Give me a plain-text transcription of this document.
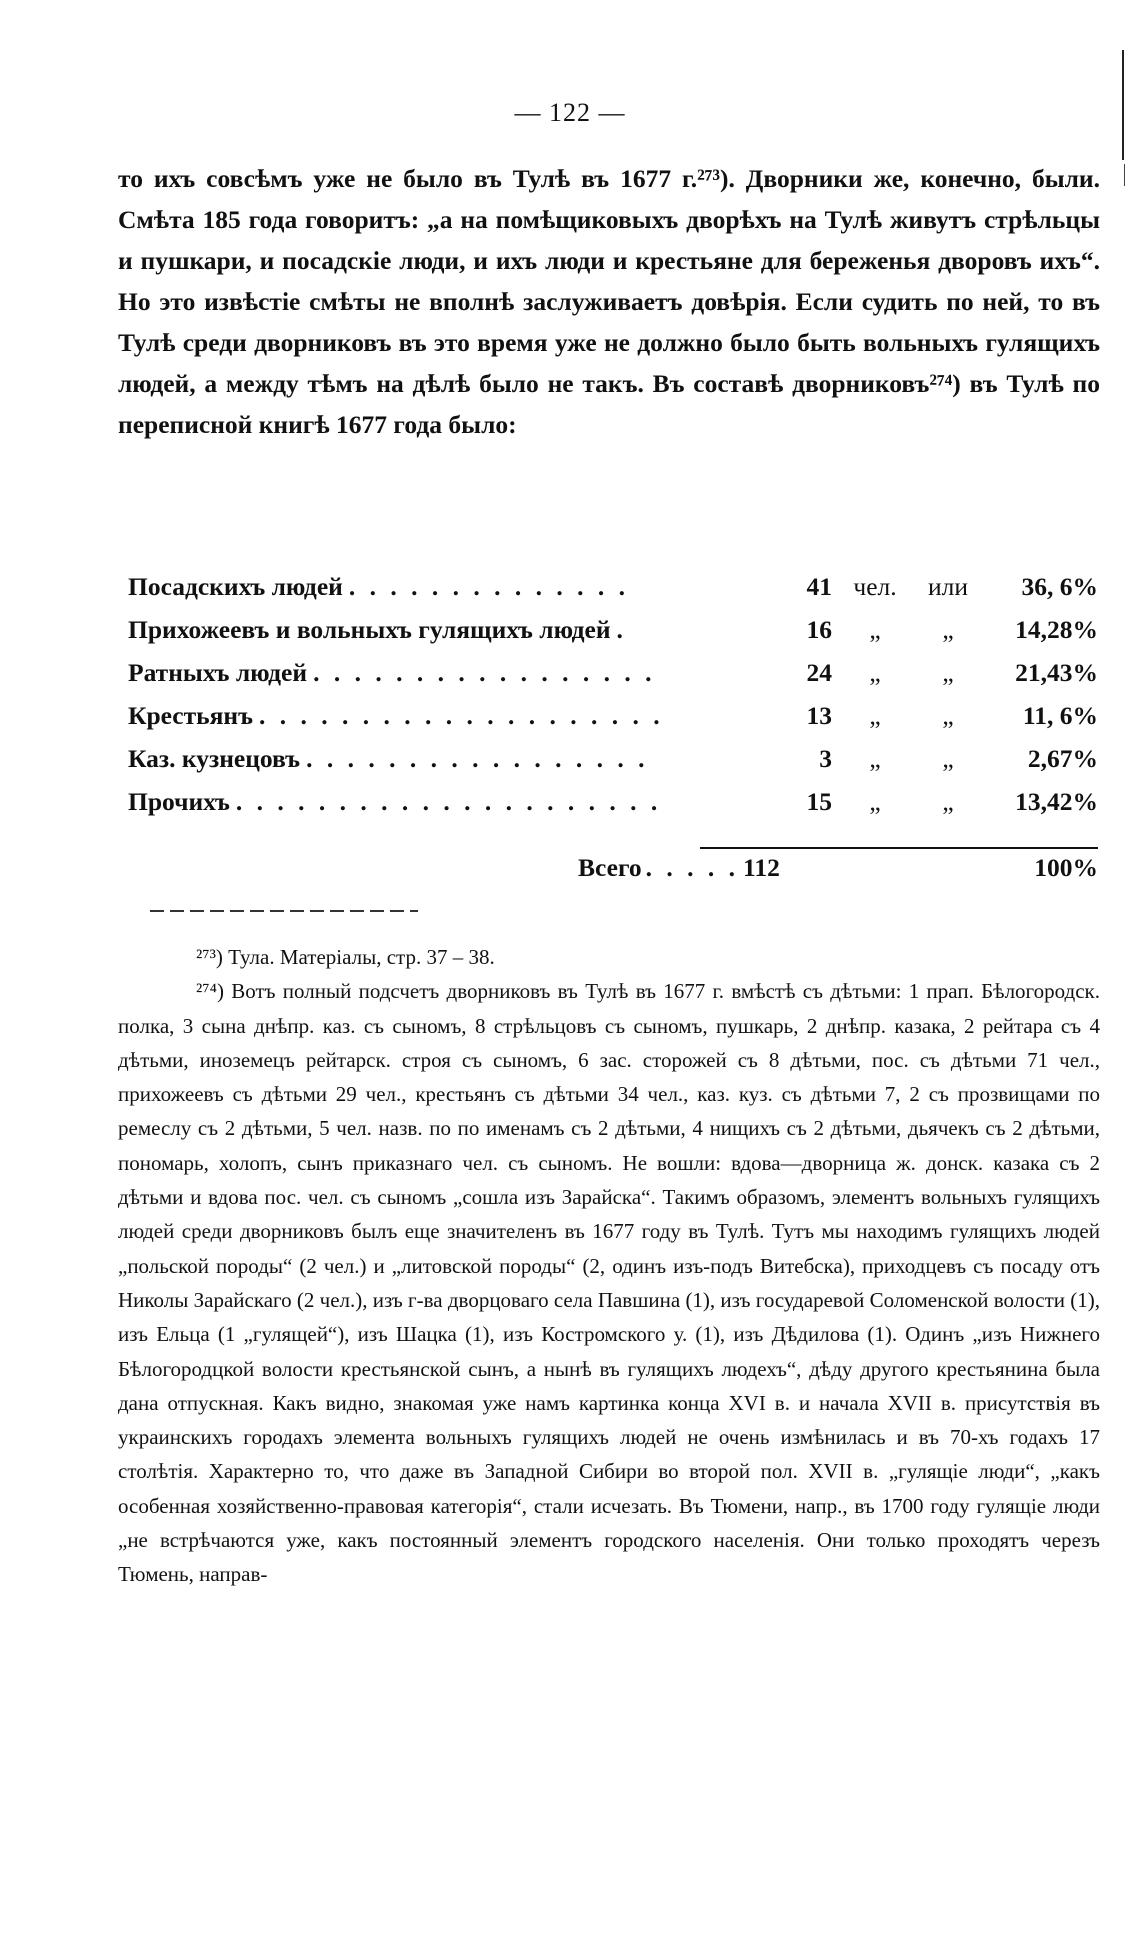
— 122 —

то ихъ совсѣмъ уже не было въ Тулѣ въ 1677 г.²⁷³). Дворники же, конечно, были. Смѣта 185 года говоритъ: „а на помѣщиковыхъ дворѣхъ на Тулѣ живутъ стрѣльцы и пушкари, и посадскіе люди, и ихъ люди и крестьяне для береженья дворовъ ихъ“. Но это извѣстіе смѣты не вполнѣ заслуживаетъ довѣрія. Если судить по ней, то въ Тулѣ среди дворниковъ въ это время уже не должно было быть вольныхъ гулящихъ людей, а между тѣмъ на дѣлѣ было не такъ. Въ составѣ дворниковъ²⁷⁴) въ Тулѣ по переписной книгѣ 1677 года было:

Посадскихъ людей . . . . . . . . . . . . . .	41 чел.	или	36, 6%
Прихожеевъ и вольныхъ гулящихъ людей .	16	„	„	14,28%
Ратныхъ людей . . . . . . . . . . . . . . . . .	24	„	„	21,43%
Крестьянъ . . . . . . . . . . . . . . . . . . . .	13	„	„	11, 6%
Каз. кузнецовъ . . . . . . . . . . . . . . . . .	3	„	„	2,67%
Прочихъ . . . . . . . . . . . . . . . . . . . . .	15	„	„	13,42%
Всего . . . . . 112	100%

²⁷³) Тула. Матеріалы, стр. 37 – 38.

²⁷⁴) Вотъ полный подсчетъ дворниковъ въ Тулѣ въ 1677 г. вмѣстѣ съ дѣтьми: 1 прап. Бѣлогородск. полка, 3 сына днѣпр. каз. съ сыномъ, 8 стрѣльцовъ съ сыномъ, пушкарь, 2 днѣпр. казака, 2 рейтара съ 4 дѣтьми, иноземецъ рейтарск. строя съ сыномъ, 6 зас. сторожей съ 8 дѣтьми, пос. съ дѣтьми 71 чел., прихожеевъ съ дѣтьми 29 чел., крестьянъ съ дѣтьми 34 чел., каз. куз. съ дѣтьми 7, 2 съ прозвищами по ремеслу съ 2 дѣтьми, 5 чел. назв. по по именамъ съ 2 дѣтьми, 4 нищихъ съ 2 дѣтьми, дьячекъ съ 2 дѣтьми, пономарь, холопъ, сынъ приказнаго чел. съ сыномъ. Не вошли: вдова—дворница ж. донск. казака съ 2 дѣтьми и вдова пос. чел. съ сыномъ „сошла изъ Зарайска“. Такимъ образомъ, элементъ вольныхъ гулящихъ людей среди дворниковъ былъ еще значителенъ въ 1677 году въ Тулѣ. Тутъ мы находимъ гулящихъ людей „польской породы“ (2 чел.) и „литовской породы“ (2, одинъ изъ-подъ Витебска), приходцевъ съ посаду отъ Николы Зарайскаго (2 чел.), изъ г-ва дворцоваго села Павшина (1), изъ государевой Соломенской волости (1), изъ Ельца (1 „гулящей“), изъ Шацка (1), изъ Костромского у. (1), изъ Дѣдилова (1). Одинъ „изъ Нижнего Бѣлогородцкой волости крестьянской сынъ, а нынѣ въ гулящихъ людехъ“, дѣду другого крестьянина была дана отпускная. Какъ видно, знакомая уже намъ картинка конца XVI в. и начала XVII в. присутствія въ украинскихъ городахъ элемента вольныхъ гулящихъ людей не очень измѣнилась и въ 70-хъ годахъ 17 столѣтія. Характерно то, что даже въ Западной Сибири во второй пол. XVII в. „гулящіе люди“, „какъ особенная хозяйственно-правовая категорія“, стали исчезать. Въ Тюмени, напр., въ 1700 году гулящіе люди „не встрѣчаются уже, какъ постоянный элементъ городского населенія. Они только проходятъ черезъ Тюмень, направ-
